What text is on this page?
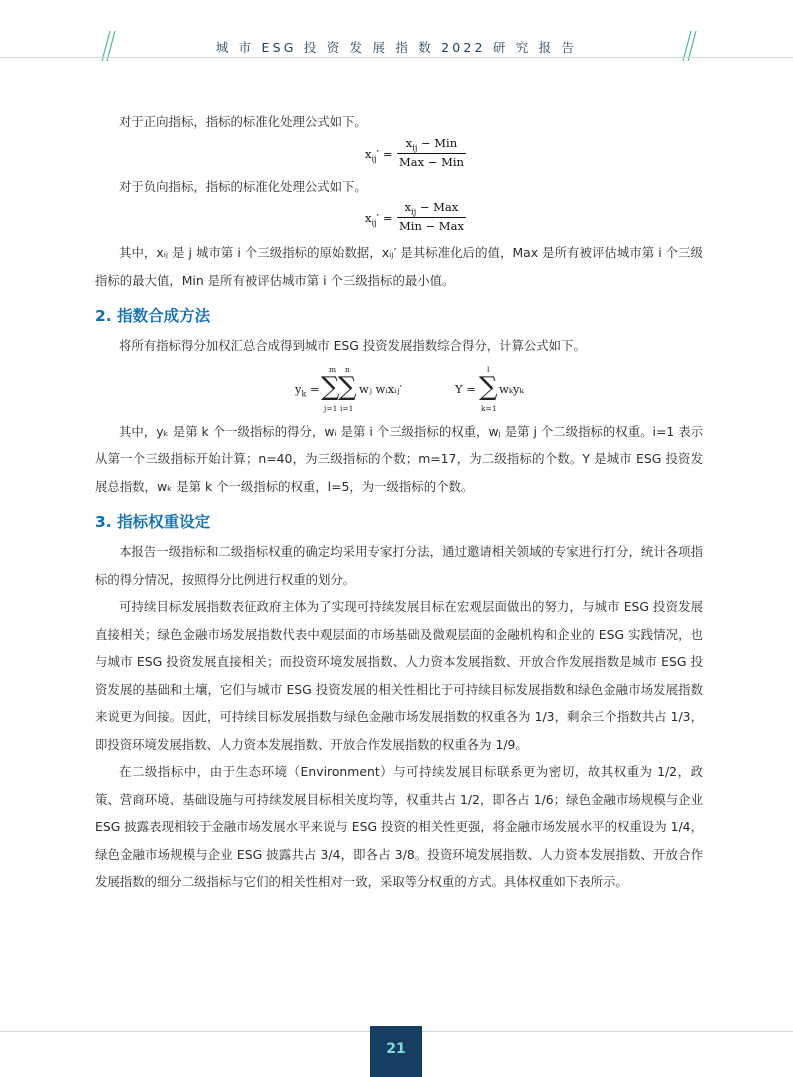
城 市 ESG 投 资 发 展 指 数 2022 研 究 报 告

对于正向指标，指标的标准化处理公式如下。

$x_{ij}'$ =
$x_{ij}$ − Min
Max − Min

对于负向指标，指标的标准化处理公式如下。

$x_{ij}'$ =
$x_{ij}$ − Max
Min − Max

其中，xᵢⱼ 是 j 城市第 i 个三级指标的原始数据，xᵢⱼ′ 是其标准化后的值，Max 是所有被评估城市第 i 个三级指标的最大值，Min 是所有被评估城市第 i 个三级指标的最小值。

2. 指数合成方法

将所有指标得分加权汇总合成得到城市 ESG 投资发展指数综合得分，计算公式如下。

$y_k$ =
m
∑
j=1
n
∑
i=1
wⱼ wᵢxᵢⱼ′	Y =
l
∑
k=1
wₖyₖ

其中，yₖ 是第 k 个一级指标的得分，wᵢ 是第 i 个三级指标的权重，wⱼ 是第 j 个二级指标的权重。i=1 表示从第一个三级指标开始计算；n=40，为三级指标的个数；m=17，为二级指标的个数。Y 是城市 ESG 投资发展总指数，wₖ 是第 k 个一级指标的权重，l=5，为一级指标的个数。

3. 指标权重设定

本报告一级指标和二级指标权重的确定均采用专家打分法，通过邀请相关领域的专家进行打分，统计各项指标的得分情况，按照得分比例进行权重的划分。

可持续目标发展指数表征政府主体为了实现可持续发展目标在宏观层面做出的努力，与城市 ESG 投资发展直接相关；绿色金融市场发展指数代表中观层面的市场基础及微观层面的金融机构和企业的 ESG 实践情况，也与城市 ESG 投资发展直接相关；而投资环境发展指数、人力资本发展指数、开放合作发展指数是城市 ESG 投资发展的基础和土壤，它们与城市 ESG 投资发展的相关性相比于可持续目标发展指数和绿色金融市场发展指数来说更为间接。因此，可持续目标发展指数与绿色金融市场发展指数的权重各为 1/3，剩余三个指数共占 1/3，即投资环境发展指数、人力资本发展指数、开放合作发展指数的权重各为 1/9。

在二级指标中，由于生态环境（Environment）与可持续发展目标联系更为密切，故其权重为 1/2，政策、营商环境、基础设施与可持续发展目标相关度均等，权重共占 1/2，即各占 1/6；绿色金融市场规模与企业 ESG 披露表现相较于金融市场发展水平来说与 ESG 投资的相关性更强，将金融市场发展水平的权重设为 1/4，绿色金融市场规模与企业 ESG 披露共占 3/4，即各占 3/8。投资环境发展指数、人力资本发展指数、开放合作发展指数的细分二级指标与它们的相关性相对一致，采取等分权重的方式。具体权重如下表所示。

21
